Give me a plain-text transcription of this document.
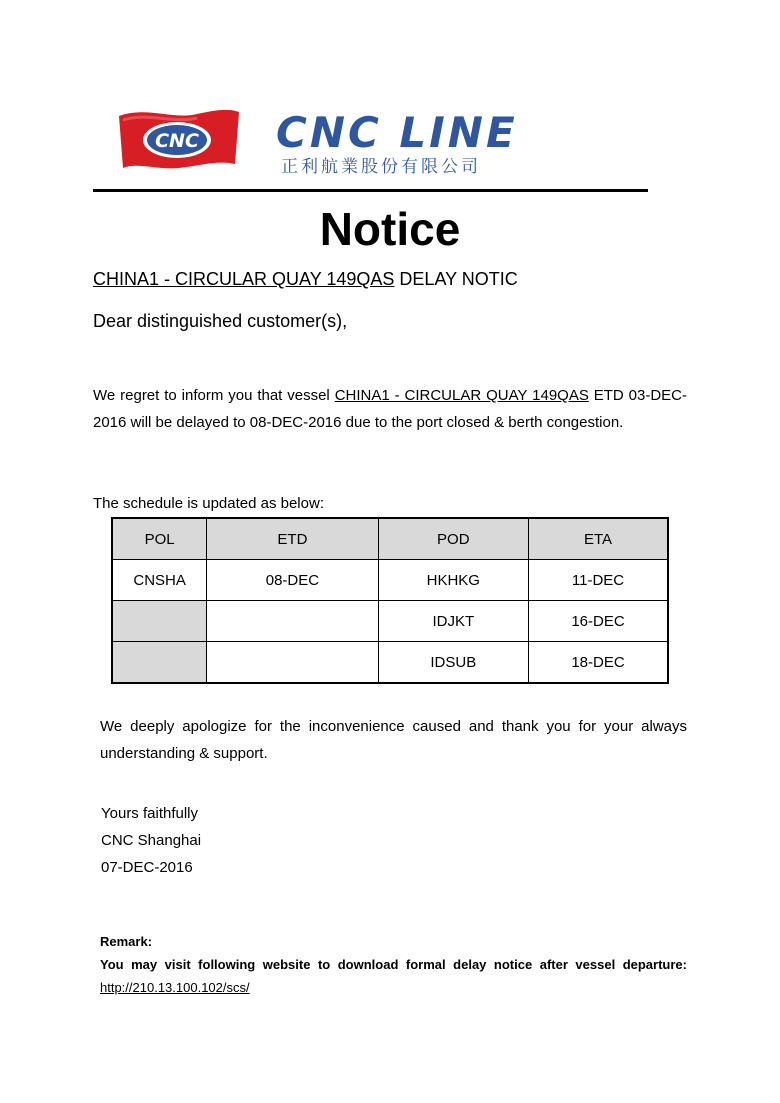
CNC CNC LINE
正利航業股份有限公司
Notice
CHINA1 - CIRCULAR QUAY 149QAS DELAY NOTIC
Dear distinguished customer(s),
We regret to inform you that vessel CHINA1 - CIRCULAR QUAY 149QAS ETD 03-DEC-2016 will be delayed to 08-DEC-2016 due to the port closed & berth congestion.
The schedule is updated as below:
POL	ETD	POD	ETA
CNSHA	08-DEC	HKHKG	11-DEC
		IDJKT	16-DEC
		IDSUB	18-DEC
We deeply apologize for the inconvenience caused and thank you for your always understanding & support.
Yours faithfully
CNC Shanghai
07-DEC-2016
Remark:
You may visit following website to download formal delay notice after vessel departure:
http://210.13.100.102/scs/
